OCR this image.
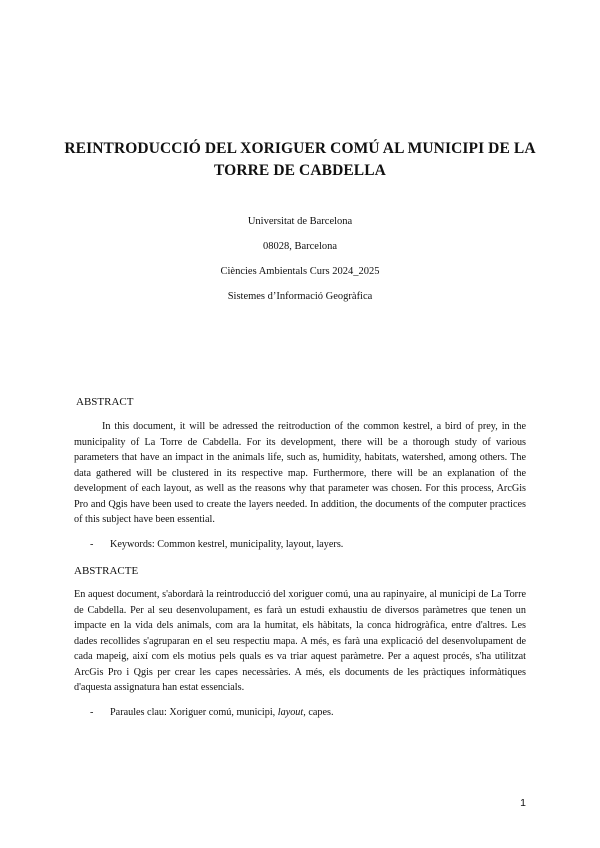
REINTRODUCCIÓ DEL XORIGUER COMÚ AL MUNICIPI DE LA
TORRE DE CABDELLA
Universitat de Barcelona
08028, Barcelona
Ciències Ambientals Curs 2024_2025
Sistemes d’Informació Geogràfica
ABSTRACT

In this document, it will be adressed the reitroduction of the common kestrel, a bird of prey, in the municipality of La Torre de Cabdella. For its development, there will be a thorough study of various parameters that have an impact in the animals life, such as, humidity, habitats, watershed, among others. The data gathered will be clustered in its respective map. Furthermore, there will be an explanation of the development of each layout, as well as the reasons why that parameter was chosen. For this process, ArcGis Pro and Qgis have been used to create the layers needed. In addition, the documents of the computer practices of this subject have been essential.

- Keywords: Common kestrel, municipality, layout, layers.
ABSTRACTE

En aquest document, s'abordarà la reintroducció del xoriguer comú, una au rapinyaire, al municipi de La Torre de Cabdella. Per al seu desenvolupament, es farà un estudi exhaustiu de diversos paràmetres que tenen un impacte en la vida dels animals, com ara la humitat, els hàbitats, la conca hidrogràfica, entre d'altres. Les dades recollides s'agruparan en el seu respectiu mapa. A més, es farà una explicació del desenvolupament de cada mapeig, així com els motius pels quals es va triar aquest paràmetre. Per a aquest procés, s'ha utilitzat ArcGis Pro i Qgis per crear les capes necessàries. A més, els documents de les pràctiques informàtiques d'aquesta assignatura han estat essencials.

- Paraules clau: Xoriguer comú, municipi, layout, capes.
1
